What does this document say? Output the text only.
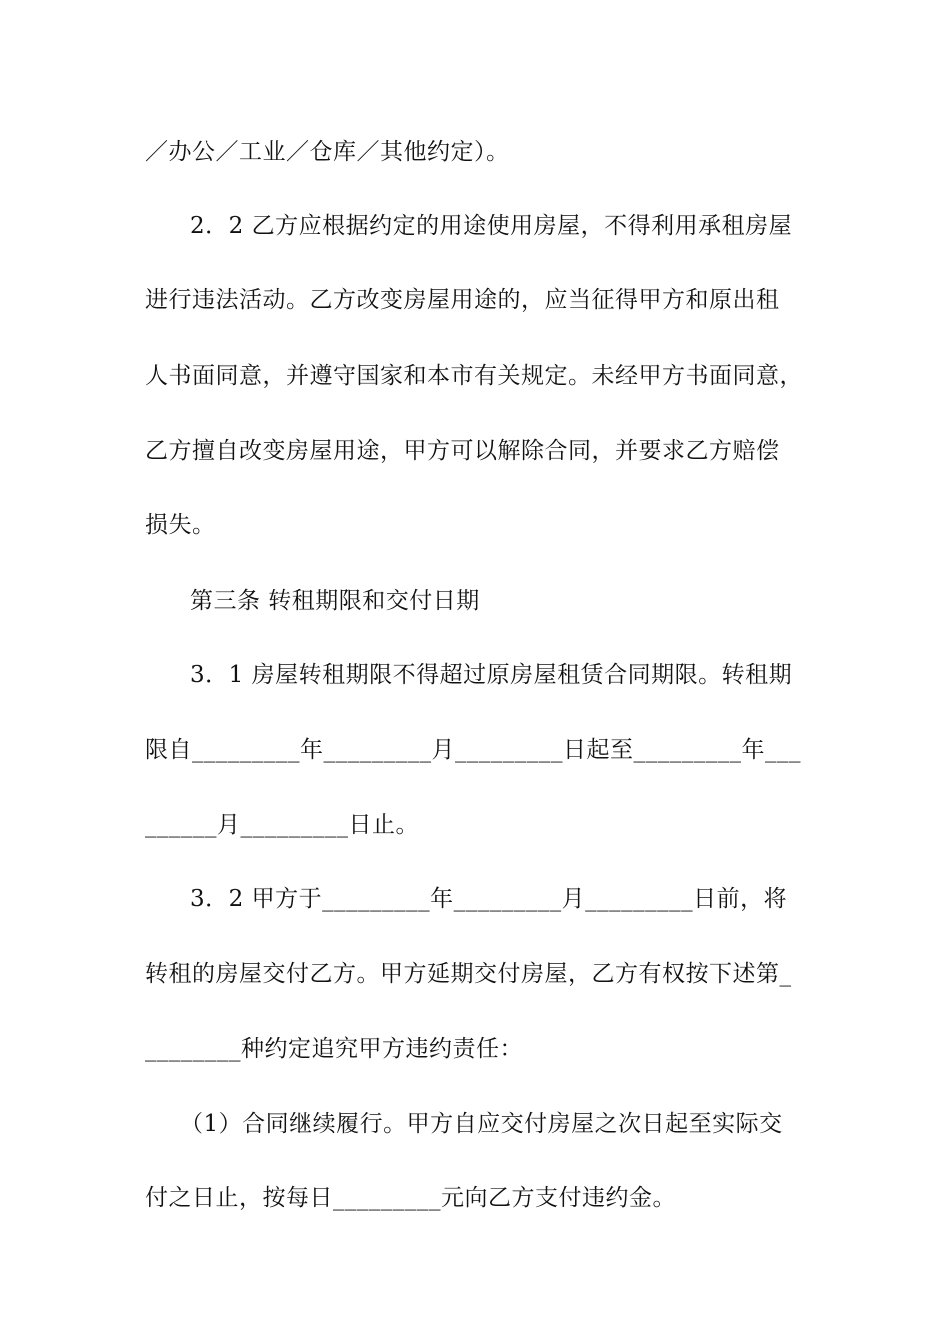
／办公／工业／仓库／其他约定）。
2．2 乙方应根据约定的用途使用房屋，不得利用承租房屋
进行违法活动。乙方改变房屋用途的，应当征得甲方和原出租
人书面同意，并遵守国家和本市有关规定。未经甲方书面同意，
乙方擅自改变房屋用途，甲方可以解除合同，并要求乙方赔偿
损失。
第三条 转租期限和交付日期
3．1 房屋转租期限不得超过原房屋租赁合同期限。转租期
限自_________年_________月_________日起至_________年___
______月_________日止。
3．2 甲方于_________年_________月_________日前，将
转租的房屋交付乙方。甲方延期交付房屋，乙方有权按下述第_
________种约定追究甲方违约责任：
（1）合同继续履行。甲方自应交付房屋之次日起至实际交
付之日止，按每日_________元向乙方支付违约金。
